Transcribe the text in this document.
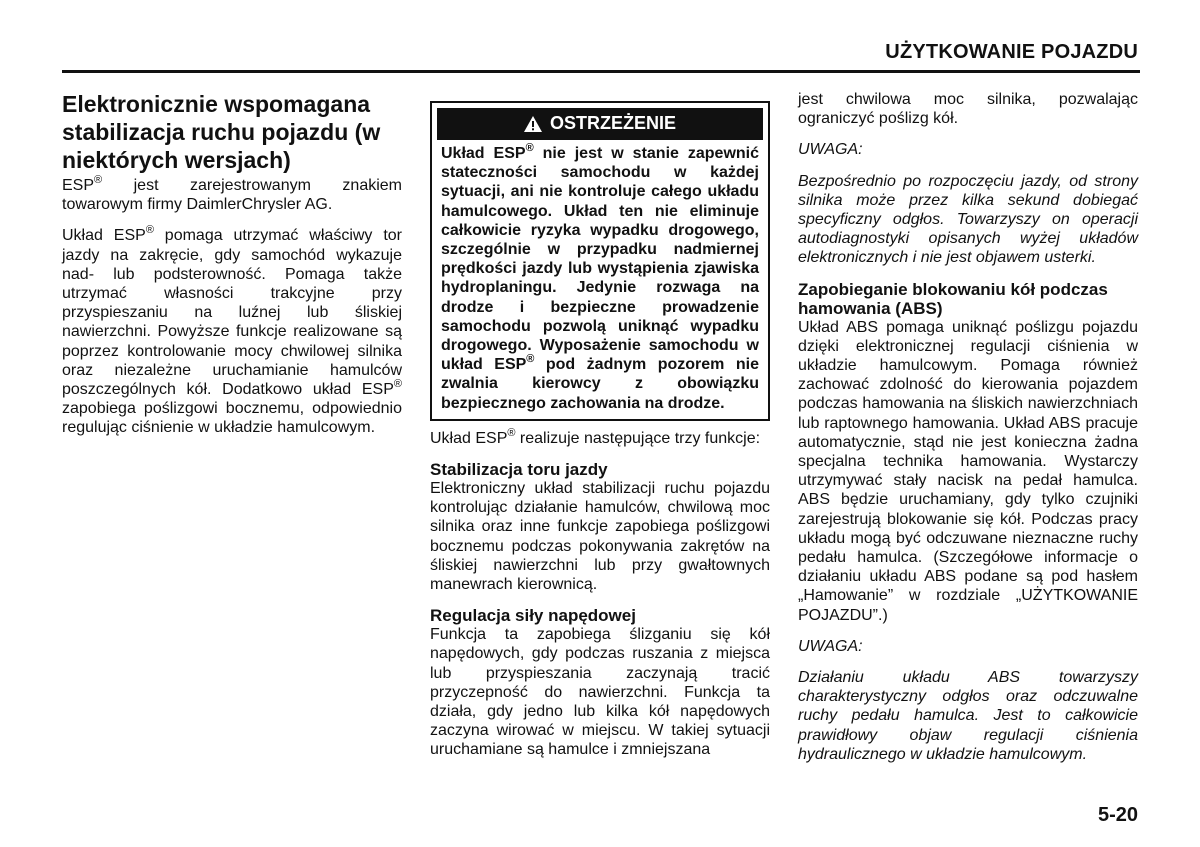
UŻYTKOWANIE POJAZDU
Elektronicznie wspomagana stabilizacja ruchu pojazdu (w niektórych wersjach)

ESP® jest zarejestrowanym znakiem towarowym firmy DaimlerChrysler AG.

Układ ESP® pomaga utrzymać właściwy tor jazdy na zakręcie, gdy samochód wykazuje nad- lub podsterowność. Pomaga także utrzymać własności trakcyjne przy przyspieszaniu na luźnej lub śliskiej nawierzchni. Powyższe funkcje realizowane są poprzez kontrolowanie mocy chwilowej silnika oraz niezależne uruchamianie hamulców poszczególnych kół. Dodatkowo układ ESP® zapobiega poślizgowi bocznemu, odpowiednio regulując ciśnienie w układzie hamulcowym.

OSTRZEŻENIE
Układ ESP® nie jest w stanie zapewnić stateczności samochodu w każdej sytuacji, ani nie kontroluje całego układu hamulcowego. Układ ten nie eliminuje całkowicie ryzyka wypadku drogowego, szczególnie w przypadku nadmiernej prędkości jazdy lub wystąpienia zjawiska hydroplaningu. Jedynie rozwaga na drodze i bezpieczne prowadzenie samochodu pozwolą uniknąć wypadku drogowego. Wyposażenie samochodu w układ ESP® pod żadnym pozorem nie zwalnia kierowcy z obowiązku bezpiecznego zachowania na drodze.

Układ ESP® realizuje następujące trzy funkcje:

Stabilizacja toru jazdy

Elektroniczny układ stabilizacji ruchu pojazdu kontrolując działanie hamulców, chwilową moc silnika oraz inne funkcje zapobiega poślizgowi bocznemu podczas pokonywania zakrętów na śliskiej nawierzchni lub przy gwałtownych manewrach kierownicą.

Regulacja siły napędowej

Funkcja ta zapobiega ślizganiu się kół napędowych, gdy podczas ruszania z miejsca lub przyspieszania zaczynają tracić przyczepność do nawierzchni. Funkcja ta działa, gdy jedno lub kilka kół napędowych zaczyna wirować w miejscu. W takiej sytuacji uruchamiane są hamulce i zmniejszana

jest chwilowa moc silnika, pozwalając ograniczyć poślizg kół.

UWAGA:

Bezpośrednio po rozpoczęciu jazdy, od strony silnika może przez kilka sekund dobiegać specyficzny odgłos. Towarzyszy on operacji autodiagnostyki opisanych wyżej układów elektronicznych i nie jest objawem usterki.

Zapobieganie blokowaniu kół podczas hamowania (ABS)

Układ ABS pomaga uniknąć poślizgu pojazdu dzięki elektronicznej regulacji ciśnienia w układzie hamulcowym. Pomaga również zachować zdolność do kierowania pojazdem podczas hamowania na śliskich nawierzchniach lub raptownego hamowania. Układ ABS pracuje automatycznie, stąd nie jest konieczna żadna specjalna technika hamowania. Wystarczy utrzymywać stały nacisk na pedał hamulca. ABS będzie uruchamiany, gdy tylko czujniki zarejestrują blokowanie się kół. Podczas pracy układu mogą być odczuwane nieznaczne ruchy pedału hamulca. (Szczegółowe informacje o działaniu układu ABS podane są pod hasłem „Hamowanie” w rozdziale „UŻYTKOWANIE POJAZDU”.)

UWAGA:

Działaniu układu ABS towarzyszy charakterystyczny odgłos oraz odczuwalne ruchy pedału hamulca. Jest to całkowicie prawidłowy objaw regulacji ciśnienia hydraulicznego w układzie hamulcowym.

5-20
